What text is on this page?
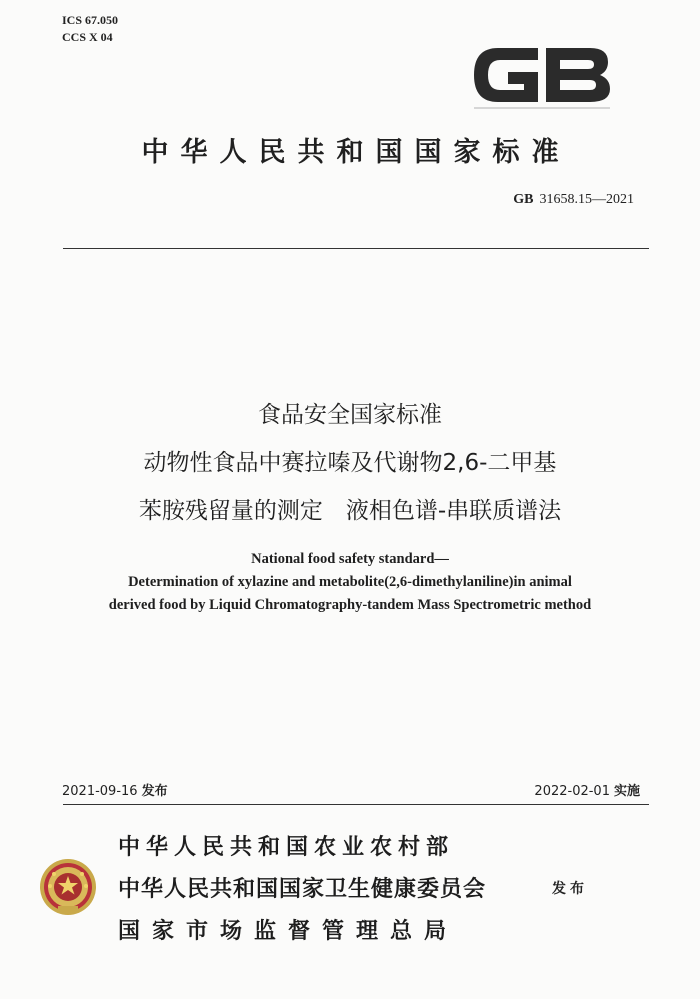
ICS 67.050
CCS X 04
中华人民共和国国家标准
GB 31658.15—2021
食品安全国家标准
动物性食品中赛拉嗪及代谢物2,6-二甲基
苯胺残留量的测定　液相色谱-串联质谱法
National food safety standard—
Determination of xylazine and metabolite(2,6-dimethylaniline)in animal
derived food by Liquid Chromatography-tandem Mass Spectrometric method
2021-09-16 发布	2022-02-01 实施
中华人民共和国农业农村部
中华人民共和国国家卫生健康委员会
国家市场监督管理总局
发布
